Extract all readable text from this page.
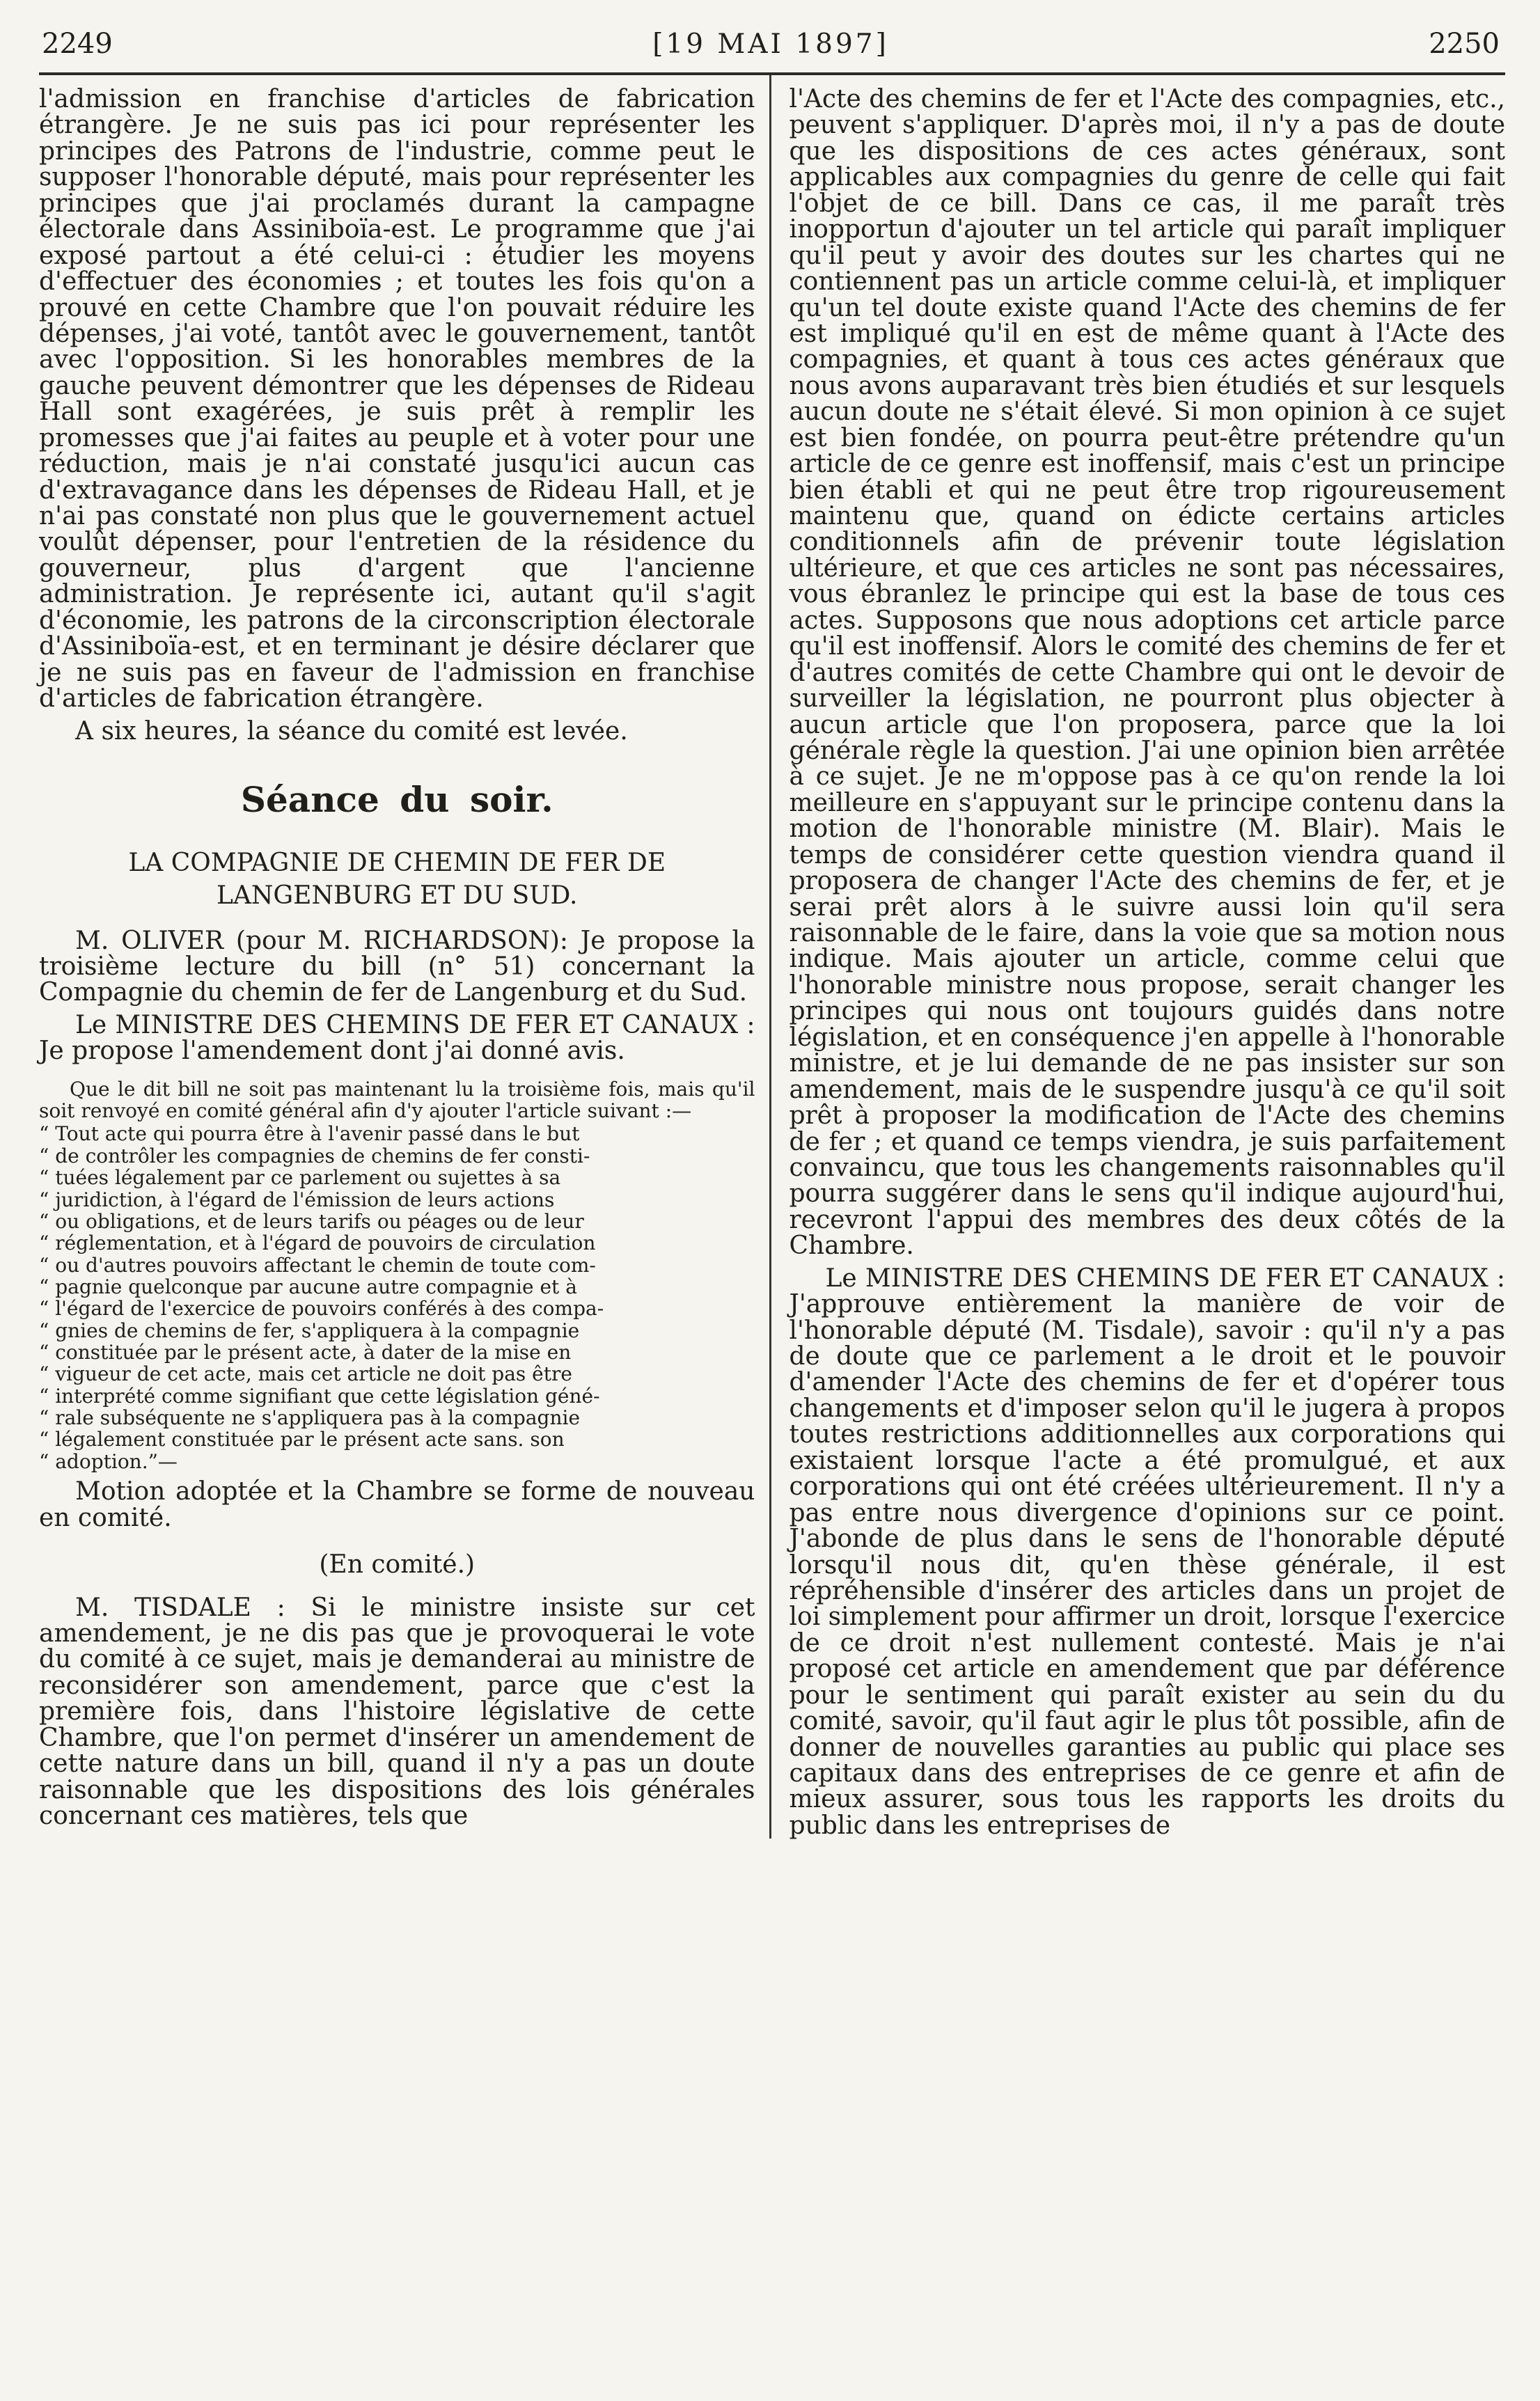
2249	[19 MAI 1897]	2250

l'admission en franchise d'articles de fabrication étrangère. Je ne suis pas ici pour représenter les principes des Patrons de l'industrie, comme peut le supposer l'honorable député, mais pour représenter les principes que j'ai proclamés durant la campagne électorale dans Assiniboïa-est. Le programme que j'ai exposé partout a été celui-ci : étudier les moyens d'effectuer des économies ; et toutes les fois qu'on a prouvé en cette Chambre que l'on pouvait réduire les dépenses, j'ai voté, tantôt avec le gouvernement, tantôt avec l'opposition. Si les honorables membres de la gauche peuvent démontrer que les dépenses de Rideau Hall sont exagérées, je suis prêt à remplir les promesses que j'ai faites au peuple et à voter pour une réduction, mais je n'ai constaté jusqu'ici aucun cas d'extravagance dans les dépenses de Rideau Hall, et je n'ai pas constaté non plus que le gouvernement actuel voulût dépenser, pour l'entretien de la résidence du gouverneur, plus d'argent que l'ancienne administration. Je représente ici, autant qu'il s'agit d'économie, les patrons de la circonscription électorale d'Assiniboïa-est, et en terminant je désire déclarer que je ne suis pas en faveur de l'admission en franchise d'articles de fabrication étrangère.

A six heures, la séance du comité est levée.

Séance du soir.

LA COMPAGNIE DE CHEMIN DE FER DE LANGENBURG ET DU SUD.

M. OLIVER (pour M. RICHARDSON): Je propose la troisième lecture du bill (n° 51) concernant la Compagnie du chemin de fer de Langenburg et du Sud.

Le MINISTRE DES CHEMINS DE FER ET CANAUX : Je propose l'amendement dont j'ai donné avis.

Que le dit bill ne soit pas maintenant lu la troisième fois, mais qu'il soit renvoyé en comité général afin d'y ajouter l'article suivant :—

“ Tout acte qui pourra être à l'avenir passé dans le but
“ de contrôler les compagnies de chemins de fer consti-
“ tuées légalement par ce parlement ou sujettes à sa
“ juridiction, à l'égard de l'émission de leurs actions
“ ou obligations, et de leurs tarifs ou péages ou de leur
“ réglementation, et à l'égard de pouvoirs de circulation
“ ou d'autres pouvoirs affectant le chemin de toute com-
“ pagnie quelconque par aucune autre compagnie et à
“ l'égard de l'exercice de pouvoirs conférés à des compa-
“ gnies de chemins de fer, s'appliquera à la compagnie
“ constituée par le présent acte, à dater de la mise en
“ vigueur de cet acte, mais cet article ne doit pas être
“ interprété comme signifiant que cette législation géné-
“ rale subséquente ne s'appliquera pas à la compagnie
“ légalement constituée par le présent acte sans. son
“ adoption.”—

Motion adoptée et la Chambre se forme de nouveau en comité.

(En comité.)

M. TISDALE : Si le ministre insiste sur cet amendement, je ne dis pas que je provoquerai le vote du comité à ce sujet, mais je demanderai au ministre de reconsidérer son amendement, parce que c'est la première fois, dans l'histoire législative de cette Chambre, que l'on permet d'insérer un amendement de cette nature dans un bill, quand il n'y a pas un doute raisonnable que les dispositions des lois générales concernant ces matières, tels que

l'Acte des chemins de fer et l'Acte des compagnies, etc., peuvent s'appliquer. D'après moi, il n'y a pas de doute que les dispositions de ces actes généraux, sont applicables aux compagnies du genre de celle qui fait l'objet de ce bill. Dans ce cas, il me paraît très inopportun d'ajouter un tel article qui paraît impliquer qu'il peut y avoir des doutes sur les chartes qui ne contiennent pas un article comme celui-là, et impliquer qu'un tel doute existe quand l'Acte des chemins de fer est impliqué qu'il en est de même quant à l'Acte des compagnies, et quant à tous ces actes généraux que nous avons auparavant très bien étudiés et sur lesquels aucun doute ne s'était élevé. Si mon opinion à ce sujet est bien fondée, on pourra peut-être prétendre qu'un article de ce genre est inoffensif, mais c'est un principe bien établi et qui ne peut être trop rigoureusement maintenu que, quand on édicte certains articles conditionnels afin de prévenir toute législation ultérieure, et que ces articles ne sont pas nécessaires, vous ébranlez le principe qui est la base de tous ces actes. Supposons que nous adoptions cet article parce qu'il est inoffensif. Alors le comité des chemins de fer et d'autres comités de cette Chambre qui ont le devoir de surveiller la législation, ne pourront plus objecter à aucun article que l'on proposera, parce que la loi générale règle la question. J'ai une opinion bien arrêtée à ce sujet. Je ne m'oppose pas à ce qu'on rende la loi meilleure en s'appuyant sur le principe contenu dans la motion de l'honorable ministre (M. Blair). Mais le temps de considérer cette question viendra quand il proposera de changer l'Acte des chemins de fer, et je serai prêt alors à le suivre aussi loin qu'il sera raisonnable de le faire, dans la voie que sa motion nous indique. Mais ajouter un article, comme celui que l'honorable ministre nous propose, serait changer les principes qui nous ont toujours guidés dans notre législation, et en conséquence j'en appelle à l'honorable ministre, et je lui demande de ne pas insister sur son amendement, mais de le suspendre jusqu'à ce qu'il soit prêt à proposer la modification de l'Acte des chemins de fer ; et quand ce temps viendra, je suis parfaitement convaincu, que tous les changements raisonnables qu'il pourra suggérer dans le sens qu'il indique aujourd'hui, recevront l'appui des membres des deux côtés de la Chambre.

Le MINISTRE DES CHEMINS DE FER ET CANAUX : J'approuve entièrement la manière de voir de l'honorable député (M. Tisdale), savoir : qu'il n'y a pas de doute que ce parlement a le droit et le pouvoir d'amender l'Acte des chemins de fer et d'opérer tous changements et d'imposer selon qu'il le jugera à propos toutes restrictions additionnelles aux corporations qui existaient lorsque l'acte a été promulgué, et aux corporations qui ont été créées ultérieurement. Il n'y a pas entre nous divergence d'opinions sur ce point. J'abonde de plus dans le sens de l'honorable député lorsqu'il nous dit, qu'en thèse générale, il est répréhensible d'insérer des articles dans un projet de loi simplement pour affirmer un droit, lorsque l'exercice de ce droit n'est nullement contesté. Mais je n'ai proposé cet article en amendement que par déférence pour le sentiment qui paraît exister au sein du du comité, savoir, qu'il faut agir le plus tôt possible, afin de donner de nouvelles garanties au public qui place ses capitaux dans des entreprises de ce genre et afin de mieux assurer, sous tous les rapports les droits du public dans les entreprises de
